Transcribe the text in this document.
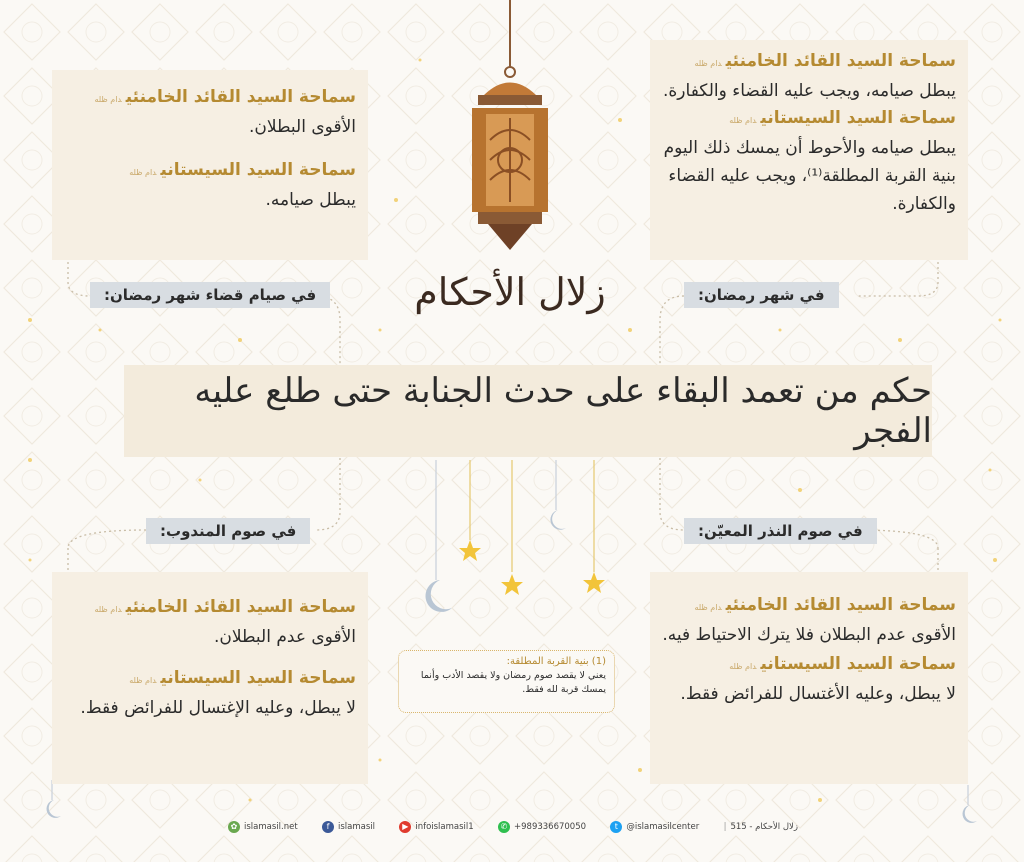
زلال الأحكام
سماحة السيد القائد الخامنئيدام ظله
يبطل صيامه، ويجب عليه القضاء والكفارة.
سماحة السيد السيستانيدام ظله
يبطل صيامه والأحوط أن يمسك ذلك اليوم بنية القربة المطلقة⁽¹⁾، ويجب عليه القضاء والكفارة.
سماحة السيد القائد الخامنئيدام ظله
الأقوى البطلان.
سماحة السيد السيستانيدام ظله
يبطل صيامه.
في شهر رمضان:
في صيام قضاء شهر رمضان:
في صوم النذر المعيّن:
في صوم المندوب:
حكم من تعمد البقاء على حدث الجنابة حتى طلع عليه الفجر
سماحة السيد القائد الخامنئيدام ظله
الأقوى عدم البطلان فلا يترك الاحتياط فيه.
سماحة السيد السيستانيدام ظله
لا يبطل، وعليه الأغتسال للفرائض فقط.
سماحة السيد القائد الخامنئيدام ظله
الأقوى عدم البطلان.
سماحة السيد السيستانيدام ظله
لا يبطل، وعليه الإغتسال للفرائض فقط.
(1) بنية القربة المطلقة:
يعني لا يقصد صوم رمضان ولا يقصد الأدب وأنما يمسك قربة لله فقط.
✿ islamasil.net	f	islamasil	▶ infoislamasil1	✆ +989336670050	t @islamasilcenter	| زلال الأحكام - 515
